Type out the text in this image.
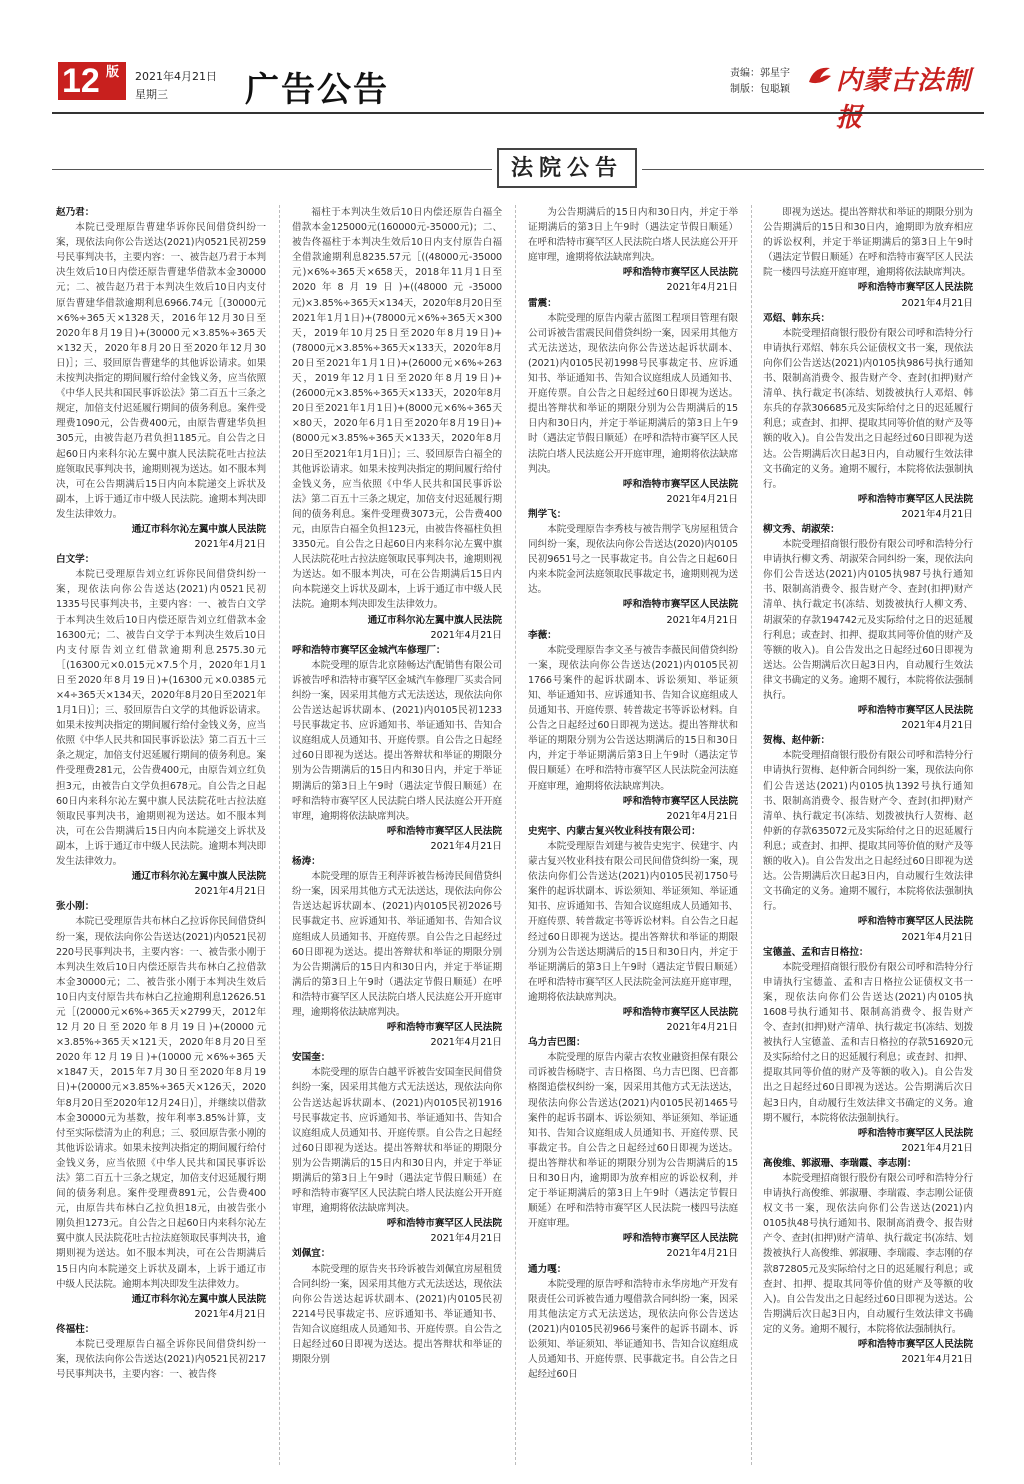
12 版 2021年4月21日
星期三	广告公告	责编：郭星宇
制版：包聪颖 内蒙古法制报
法院公告

赵乃君：

本院已受理原告曹建华诉你民间借贷纠纷一案，现依法向你公告送达(2021)内0521民初259号民事判决书，主要内容：一、被告赵乃君于本判决生效后10日内偿还原告曹建华借款本金30000元；二、被告赵乃君于本判决生效后10日内支付原告曹建华借款逾期利息6966.74元［(30000元×6%÷365天×1328天，2016年12月30日至2020年8月19日)+(30000元×3.85%÷365天×132天，2020年8月20日至2020年12月30日)］；三、驳回原告曹建华的其他诉讼请求。如果未按判决指定的期间履行给付金钱义务，应当依照《中华人民共和国民事诉讼法》第二百五十三条之规定，加倍支付迟延履行期间的债务利息。案件受理费1090元，公告费400元，由原告曹建华负担305元，由被告赵乃君负担1185元。自公告之日起60日内来科尔沁左翼中旗人民法院花吐古拉法庭领取民事判决书，逾期则视为送达。如不服本判决，可在公告期满后15日内向本院递交上诉状及副本，上诉于通辽市中级人民法院。逾期本判决即发生法律效力。

通辽市科尔沁左翼中旗人民法院

2021年4月21日

白文学：

本院已受理原告刘立红诉你民间借贷纠纷一案，现依法向你公告送达(2021)内0521民初1335号民事判决书，主要内容：一、被告白文学于本判决生效后10日内偿还原告刘立红借款本金16300元；二、被告白文学于本判决生效后10日内支付原告刘立红借款逾期利息2575.30元［(16300元×0.015元×7.5个月，2020年1月1日至2020年8月19日)+(16300元×0.0385元×4÷365天×134天，2020年8月20日至2021年1月1日)］；三、驳回原告白文学的其他诉讼请求。如果未按判决指定的期间履行给付金钱义务，应当依照《中华人民共和国民事诉讼法》第二百五十三条之规定，加倍支付迟延履行期间的债务利息。案件受理费281元，公告费400元，由原告刘立红负担3元，由被告白文学负担678元。自公告之日起60日内来科尔沁左翼中旗人民法院花吐古拉法庭领取民事判决书，逾期则视为送达。如不服本判决，可在公告期满后15日内向本院递交上诉状及副本，上诉于通辽市中级人民法院。逾期本判决即发生法律效力。

通辽市科尔沁左翼中旗人民法院

2021年4月21日

张小刚：

本院已受理原告共布林白乙拉诉你民间借贷纠纷一案，现依法向你公告送达(2021)内0521民初220号民事判决书，主要内容：一、被告张小刚于本判决生效后10日内偿还原告共布林白乙拉借款本金30000元；二、被告张小刚于本判决生效后10日内支付原告共布林白乙拉逾期利息12626.51元［(20000元×6%÷365天×2799天，2012年12月20日至2020年8月19日)+(20000元×3.85%÷365天×121天，2020年8月20日至2020年12月19日)+(10000元×6%÷365天×1847天，2015年7月30日至2020年8月19日)+(20000元×3.85%÷365天×126天，2020年8月20日至2020年12月24日)］，并继续以借款本金30000元为基数，按年利率3.85%计算，支付至实际偿清为止的利息；三、驳回原告张小刚的其他诉讼请求。如果未按判决指定的期间履行给付金钱义务，应当依照《中华人民共和国民事诉讼法》第二百五十三条之规定，加倍支付迟延履行期间的债务利息。案件受理费891元，公告费400元，由原告共布林白乙拉负担18元，由被告张小刚负担1273元。自公告之日起60日内来科尔沁左翼中旗人民法院花吐古拉法庭领取民事判决书，逾期则视为送达。如不服本判决，可在公告期满后15日内向本院递交上诉状及副本，上诉于通辽市中级人民法院。逾期本判决即发生法律效力。

通辽市科尔沁左翼中旗人民法院

2021年4月21日

佟福柱：

本院已受理原告白福全诉你民间借贷纠纷一案，现依法向你公告送达(2021)内0521民初217号民事判决书，主要内容：一、被告佟

福柱于本判决生效后10日内偿还原告白福全借款本金125000元(160000元-35000元)；二、被告佟福柱于本判决生效后10日内支付原告白福全借款逾期利息8235.57元［((48000元-35000元)×6%÷365天×658天，2018年11月1日至2020年8月19日)+((48000元-35000元)×3.85%÷365天×134天，2020年8月20日至2021年1月1日)+(78000元×6%÷365天×300天，2019年10月25日至2020年8月19日)+(78000元×3.85%÷365天×133天，2020年8月20日至2021年1月1日)+(26000元×6%÷263天，2019年12月1日至2020年8月19日)+(26000元×3.85%÷365天×133天，2020年8月20日至2021年1月1日)+(8000元×6%÷365天×80天，2020年6月1日至2020年8月19日)+(8000元×3.85%÷365天×133天，2020年8月20日至2021年1月1日)］；三、驳回原告白福全的其他诉讼请求。如果未按判决指定的期间履行给付金钱义务，应当依照《中华人民共和国民事诉讼法》第二百五十三条之规定，加倍支付迟延履行期间的债务利息。案件受理费3073元，公告费400元，由原告白福全负担123元，由被告佟福柱负担3350元。自公告之日起60日内来科尔沁左翼中旗人民法院花吐古拉法庭领取民事判决书，逾期则视为送达。如不服本判决，可在公告期满后15日内向本院递交上诉状及副本，上诉于通辽市中级人民法院。逾期本判决即发生法律效力。

通辽市科尔沁左翼中旗人民法院

2021年4月21日

呼和浩特市赛罕区金城汽车修理厂：

本院受理的原告北京陸畅达汽配销售有限公司诉被告呼和浩特市赛罕区金城汽车修理厂买卖合同纠纷一案，因采用其他方式无法送达，现依法向你公告送达起诉状副本、(2021)内0105民初1233号民事裁定书、应诉通知书、举证通知书、告知合议庭组成人员通知书、开庭传票。自公告之日起经过60日即视为送达。提出答辩状和举证的期限分别为公告期满后的15日内和30日内，并定于举证期满后的第3日上午9时（遇法定节假日顺延）在呼和浩特市赛罕区人民法院白塔人民法庭公开开庭审理，逾期将依法缺席判决。

呼和浩特市赛罕区人民法院

2021年4月21日

杨涛：

本院受理的原告王利萍诉被告杨涛民间借贷纠纷一案，因采用其他方式无法送达，现依法向你公告送达起诉状副本、(2021)内0105民初2026号民事裁定书、应诉通知书、举证通知书、告知合议庭组成人员通知书、开庭传票。自公告之日起经过60日即视为送达。提出答辩状和举证的期限分别为公告期满后的15日内和30日内，并定于举证期满后的第3日上午9时（遇法定节假日顺延）在呼和浩特市赛罕区人民法院白塔人民法庭公开开庭审理，逾期将依法缺席判决。

呼和浩特市赛罕区人民法院

2021年4月21日

安国奎：

本院受理的原告白越平诉被告安国奎民间借贷纠纷一案，因采用其他方式无法送达，现依法向你公告送达起诉状副本、(2021)内0105民初1916号民事裁定书、应诉通知书、举证通知书、告知合议庭组成人员通知书、开庭传票。自公告之日起经过60日即视为送达。提出答辩状和举证的期限分别为公告期满后的15日内和30日内，并定于举证期满后的第3日上午9时（遇法定节假日顺延）在呼和浩特市赛罕区人民法院白塔人民法庭公开开庭审理，逾期将依法缺席判决。

呼和浩特市赛罕区人民法院

2021年4月21日

刘佩宜：

本院受理的原告夹书玲诉被告刘佩宜房屋租赁合同纠纷一案，因采用其他方式无法送达，现依法向你公告送达起诉状副本、(2021)内0105民初2214号民事裁定书、应诉通知书、举证通知书、告知合议庭组成人员通知书、开庭传票。自公告之日起经过60日即视为送达。提出答辩状和举证的期限分别

为公告期满后的15日内和30日内，并定于举证期满后的第3日上午9时（遇法定节假日顺延）在呼和浩特市赛罕区人民法院白塔人民法庭公开开庭审理，逾期将依法缺席判决。

呼和浩特市赛罕区人民法院

2021年4月21日

雷震：

本院受理的原告内蒙古蓝图工程项目管理有限公司诉被告雷震民间借贷纠纷一案，因采用其他方式无法送达，现依法向你公告送达起诉状副本、(2021)内0105民初1998号民事裁定书、应诉通知书、举证通知书、告知合议庭组成人员通知书、开庭传票。自公告之日起经过60日即视为送达。提出答辩状和举证的期限分别为公告期满后的15日内和30日内，并定于举证期满后的第3日上午9时（遇法定节假日顺延）在呼和浩特市赛罕区人民法院白塔人民法庭公开开庭审理，逾期将依法缺席判决。

呼和浩特市赛罕区人民法院

2021年4月21日

荆学飞：

本院受理原告李秀枝与被告荆学飞房屋租赁合同纠纷一案，现依法向你公告送达(2020)内0105民初9651号之一民事裁定书。自公告之日起60日内来本院金河法庭领取民事裁定书，逾期则视为送达。

呼和浩特市赛罕区人民法院

2021年4月21日

李薇：

本院受理原告李文圣与被告李薇民间借贷纠纷一案，现依法向你公告送达(2021)内0105民初1766号案件的起诉状副本、诉讼须知、举证须知、举证通知书、应诉通知书、告知合议庭组成人员通知书、开庭传票、转普裁定书等诉讼材料。自公告之日起经过60日即视为送达。提出答辩状和举证的期限分别为公告送达期满后的15日和30日内，并定于举证期满后第3日上午9时（遇法定节假日顺延）在呼和浩特市赛罕区人民法院金河法庭开庭审理，逾期将依法缺席判决。

呼和浩特市赛罕区人民法院

2021年4月21日

史宪宇、内蒙古复兴牧业科技有限公司：

本院受理原告刘建与被告史宪宇、侯建宇、内蒙古复兴牧业科技有限公司民间借贷纠纷一案，现依法向你们公告送达(2021)内0105民初1750号案件的起诉状副本、诉讼须知、举证须知、举证通知书、应诉通知书、告知合议庭组成人员通知书、开庭传票、转普裁定书等诉讼材料。自公告之日起经过60日即视为送达。提出答辩状和举证的期限分别为公告送达期满后的15日和30日内，并定于举证期满后的第3日上午9时（遇法定节假日顺延）在呼和浩特市赛罕区人民法院金河法庭开庭审理，逾期将依法缺席判决。

呼和浩特市赛罕区人民法院

2021年4月21日

乌力吉巴图：

本院受理的原告内蒙古农牧业融资担保有限公司诉被告杨晓宇、吉日格图、乌力吉巴图、巴音都格图追偿权纠纷一案，因采用其他方式无法送达，现依法向你公告送达(2021)内0105民初1465号案件的起诉书副本、诉讼须知、举证须知、举证通知书、告知合议庭组成人员通知书、开庭传票、民事裁定书。自公告之日起经过60日即视为送达。提出答辩状和举证的期限分别为公告期满后的15日和30日内，逾期即为放弃相应的诉讼权利，并定于举证期满后的第3日上午9时（遇法定节假日顺延）在呼和浩特市赛罕区人民法院一楼四号法庭开庭审理。

呼和浩特市赛罕区人民法院

2021年4月21日

通力嘎：

本院受理的原告呼和浩特市永华房地产开发有限责任公司诉被告通力嘎借款合同纠纷一案，因采用其他法定方式无法送达，现依法向你公告送达(2021)内0105民初966号案件的起诉书副本、诉讼须知、举证须知、举证通知书、告知合议庭组成人员通知书、开庭传票、民事裁定书。自公告之日起经过60日

即视为送达。提出答辩状和举证的期限分别为公告期满后的15日和30日内，逾期即为放弃相应的诉讼权利，并定于举证期满后的第3日上午9时（遇法定节假日顺延）在呼和浩特市赛罕区人民法院一楼四号法庭开庭审理，逾期将依法缺席判决。

呼和浩特市赛罕区人民法院

2021年4月21日

邓炤、韩东兵：

本院受理招商银行股份有限公司呼和浩特分行申请执行邓炤、韩东兵公证债权文书一案，现依法向你们公告送达(2021)内0105执986号执行通知书、限制高消费令、报告财产令、查封(扣押)财产清单、执行裁定书(冻结、划拨被执行人邓炤、韩东兵的存款306685元及实际给付之日的迟延履行利息；或查封、扣押、提取其同等价值的财产及等额的收入)。自公告发出之日起经过60日即视为送达。公告期满后次日起3日内，自动履行生效法律文书确定的义务。逾期不履行，本院将依法强制执行。

呼和浩特市赛罕区人民法院

2021年4月21日

柳文秀、胡淑荣：

本院受理招商银行股份有限公司呼和浩特分行申请执行柳文秀、胡淑荣合同纠纷一案，现依法向你们公告送达(2021)内0105执987号执行通知书、限制高消费令、报告财产令、查封(扣押)财产清单、执行裁定书(冻结、划拨被执行人柳文秀、胡淑荣的存款194742元及实际给付之日的迟延履行利息；或查封、扣押、提取其同等价值的财产及等额的收入)。自公告发出之日起经过60日即视为送达。公告期满后次日起3日内，自动履行生效法律文书确定的义务。逾期不履行，本院将依法强制执行。

呼和浩特市赛罕区人民法院

2021年4月21日

贺梅、赵仲新：

本院受理招商银行股份有限公司呼和浩特分行申请执行贺梅、赵仲新合同纠纷一案，现依法向你们公告送达(2021)内0105执1392号执行通知书、限制高消费令、报告财产令、查封(扣押)财产清单、执行裁定书(冻结、划拨被执行人贺梅、赵仲新的存款635072元及实际给付之日的迟延履行利息；或查封、扣押、提取其同等价值的财产及等额的收入)。自公告发出之日起经过60日即视为送达。公告期满后次日起3日内，自动履行生效法律文书确定的义务。逾期不履行，本院将依法强制执行。

呼和浩特市赛罕区人民法院

2021年4月21日

宝德盖、孟和吉日格拉：

本院受理招商银行股份有限公司呼和浩特分行申请执行宝德盖、孟和吉日格拉公证债权文书一案，现依法向你们公告送达(2021)内0105执1608号执行通知书、限制高消费令、报告财产令、查封(扣押)财产清单、执行裁定书(冻结、划拨被执行人宝德盖、孟和吉日格拉的存款516920元及实际给付之日的迟延履行利息；或查封、扣押、提取其同等价值的财产及等额的收入)。自公告发出之日起经过60日即视为送达。公告期满后次日起3日内，自动履行生效法律文书确定的义务。逾期不履行，本院将依法强制执行。

呼和浩特市赛罕区人民法院

2021年4月21日

高俊维、郭淑珊、李瑞霞、李志刚：

本院受理招商银行股份有限公司呼和浩特分行申请执行高俊维、郭淑珊、李瑞霞、李志刚公证债权文书一案，现依法向你们公告送达(2021)内0105执48号执行通知书、限制高消费令、报告财产令、查封(扣押)财产清单、执行裁定书(冻结、划拨被执行人高俊维、郭淑珊、李瑞霞、李志刚的存款872805元及实际给付之日的迟延履行利息；或查封、扣押、提取其同等价值的财产及等额的收入)。自公告发出之日起经过60日即视为送达。公告期满后次日起3日内，自动履行生效法律文书确定的义务。逾期不履行，本院将依法强制执行。

呼和浩特市赛罕区人民法院

2021年4月21日
